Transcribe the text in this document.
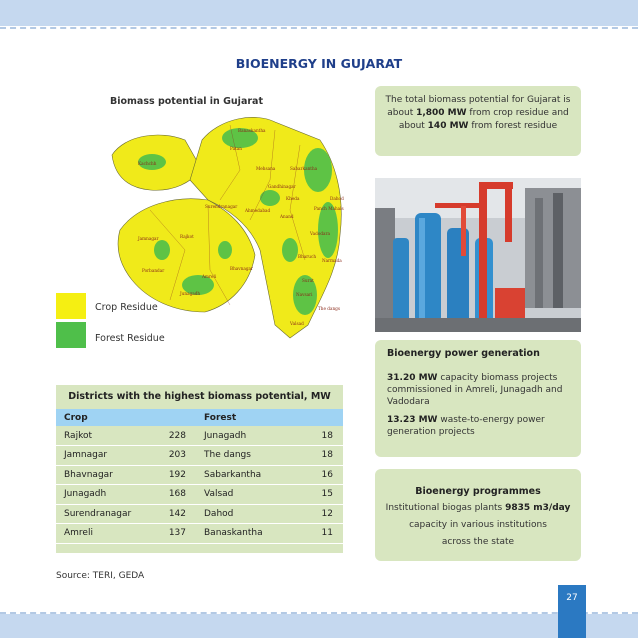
BIOENERGY IN GUJARAT
Biomass potential in Gujarat
Banaskantha
Patan
Kachchh
Mehsana	Sabarkantha
Gandhinagar
Surendranagar
Ahmedabad
Kheda
Anand
Panch Mahals
Dahod
Vadodara
Jamnagar	Rajkot
Bhavnagar
Amreli
Junagadh
Porbandar
Bharuch
Narmada
Surat
Navsari
Valsad
The dangs
Crop Residue
Forest Residue
The total biomass potential for Gujarat is about 1,800 MW from crop residue and about 140 MW from forest residue
Bioenergy power generation
31.20 MW capacity biomass projects commissioned in Amreli, Junagadh and Vadodara
13.23 MW waste-to-energy power generation projects
Bioenergy programmes
Institutional biogas plants 9835 m3/day
capacity in various institutions
across the state
Districts with the highest biomass potential, MW
Crop		Forest	
Rajkot	228	Junagadh	18
Jamnagar	203	The dangs	18
Bhavnagar	192	Sabarkantha	16
Junagadh	168	Valsad	15
Surendranagar	142	Dahod	12
Amreli	137	Banaskantha	11
Source: TERI, GEDA
27
